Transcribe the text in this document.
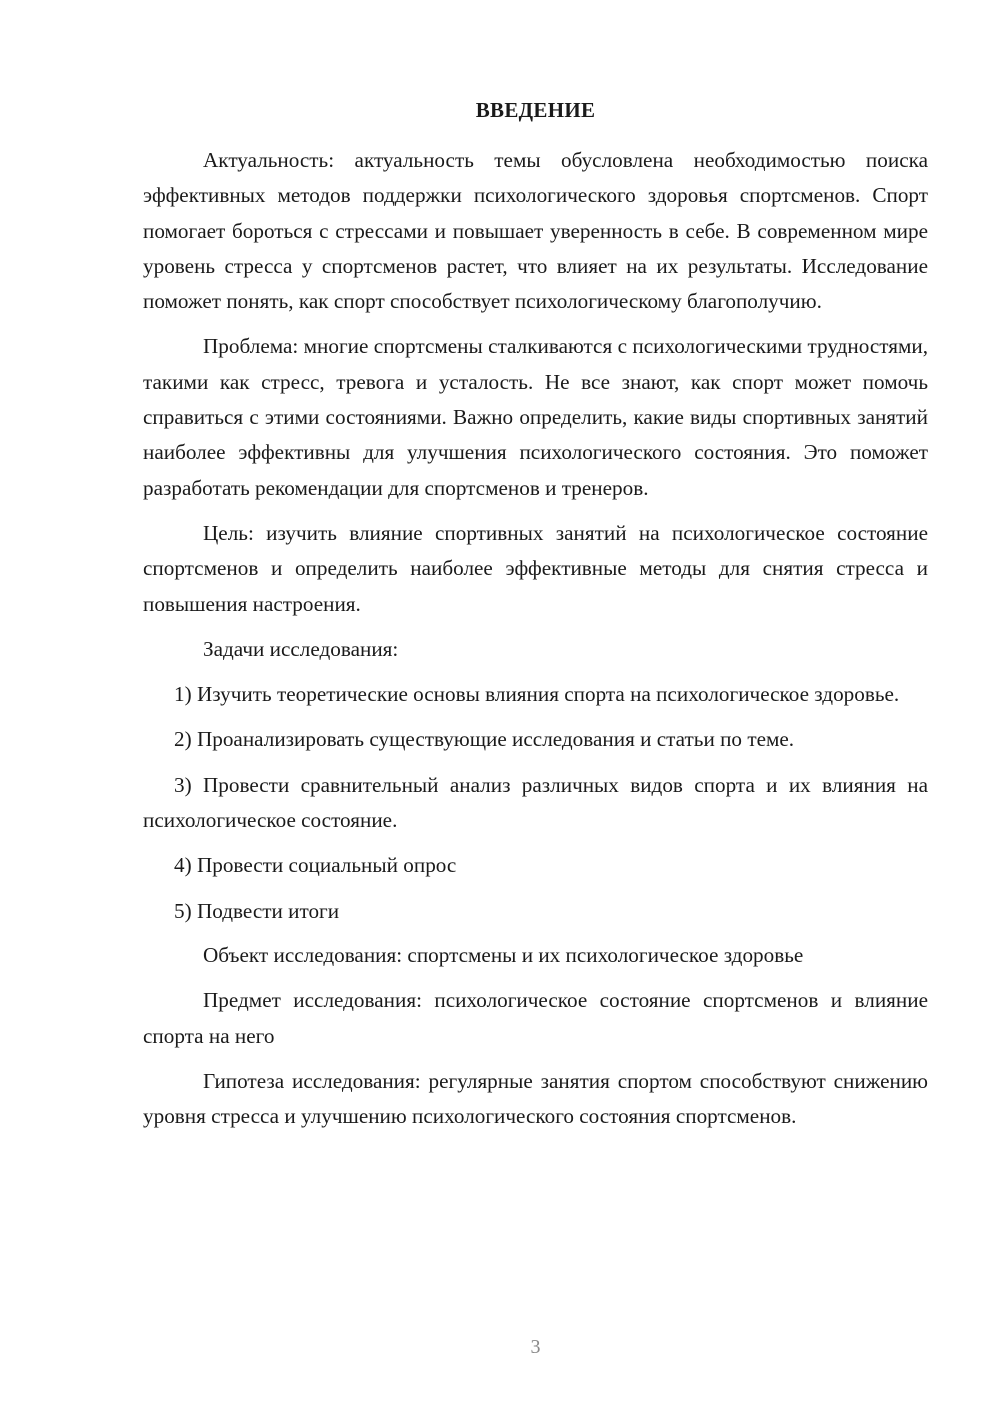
ВВЕДЕНИЕ

Актуальность: актуальность темы обусловлена необходимостью поиска эффективных методов поддержки психологического здоровья спортсменов. Спорт помогает бороться с стрессами и повышает уверенность в себе. В современном мире уровень стресса у спортсменов растет, что влияет на их результаты. Исследование поможет понять, как спорт способствует психологическому благополучию.

Проблема: многие спортсмены сталкиваются с психологическими трудностями, такими как стресс, тревога и усталость. Не все знают, как спорт может помочь справиться с этими состояниями. Важно определить, какие виды спортивных занятий наиболее эффективны для улучшения психологического состояния. Это поможет разработать рекомендации для спортсменов и тренеров.

Цель: изучить влияние спортивных занятий на психологическое состояние спортсменов и определить наиболее эффективные методы для снятия стресса и повышения настроения.

Задачи исследования:

1) Изучить теоретические основы влияния спорта на психологическое здоровье.

2) Проанализировать существующие исследования и статьи по теме.

3) Провести сравнительный анализ различных видов спорта и их влияния на психологическое состояние.

4) Провести социальный опрос

5) Подвести итоги

Объект исследования: спортсмены и их психологическое здоровье

Предмет исследования: психологическое состояние спортсменов и влияние спорта на него

Гипотеза исследования: регулярные занятия спортом способствуют снижению уровня стресса и улучшению психологического состояния спортсменов.

3
